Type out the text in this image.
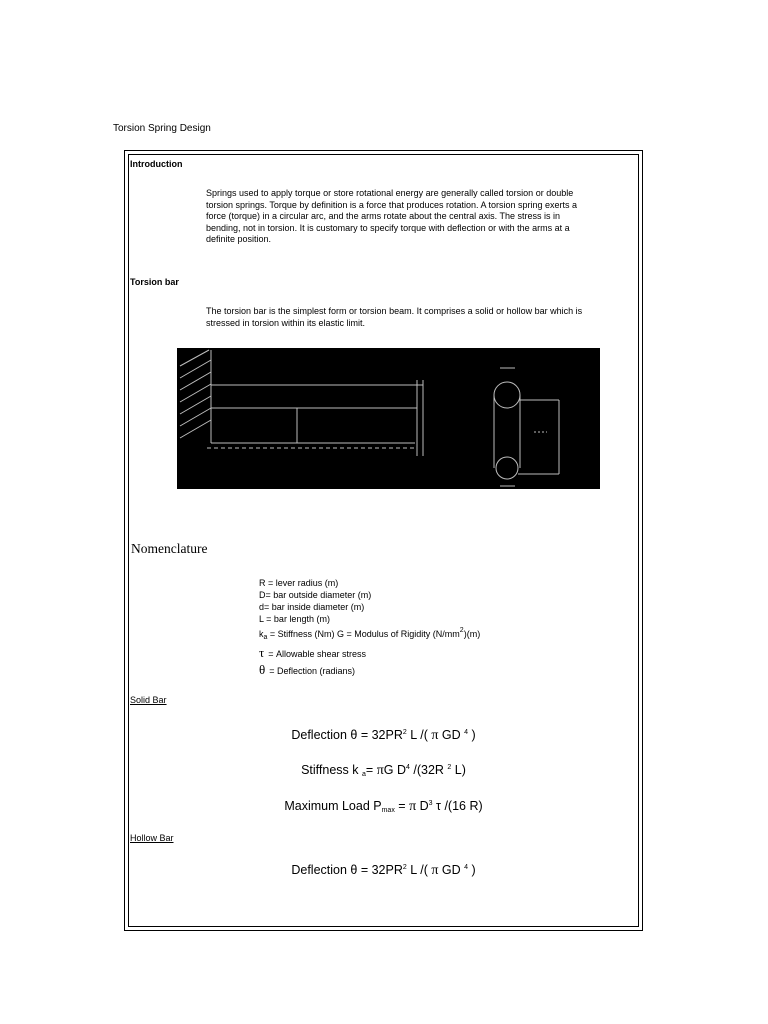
Torsion Spring Design
Introduction
Springs used to apply torque or store rotational energy are generally called torsion or double
torsion springs. Torque by definition is a force that produces rotation. A torsion spring exerts a
force (torque) in a circular arc, and the arms rotate about the central axis. The stress is in
bending, not in torsion. It is customary to specify torque with deflection or with the arms at a
definite position.
Torsion bar
The torsion bar is the simplest form or torsion beam. It comprises a solid or hollow bar which is
stressed in torsion within its elastic limit.
Nomenclature
R = lever radius (m)
D= bar outside diameter (m)
d= bar inside diameter (m)
L = bar length (m)
$k_a$ = Stiffness (Nm) G = Modulus of Rigidity $(N/mm^2)(m)$
τ = Allowable shear stress
θ = Deflection (radians)
Solid Bar
Deflection $\theta = 32PR^2$ L /( π GD $^4$ )
Stiffness k $_a$= πG $D^4$ /(32R $^2$ L)
Maximum Load $P_{max} = \pi$ $D^3$ τ /(16 R)
Hollow Bar
Deflection $\theta = 32PR^2$ L /( π GD $^4$ )
